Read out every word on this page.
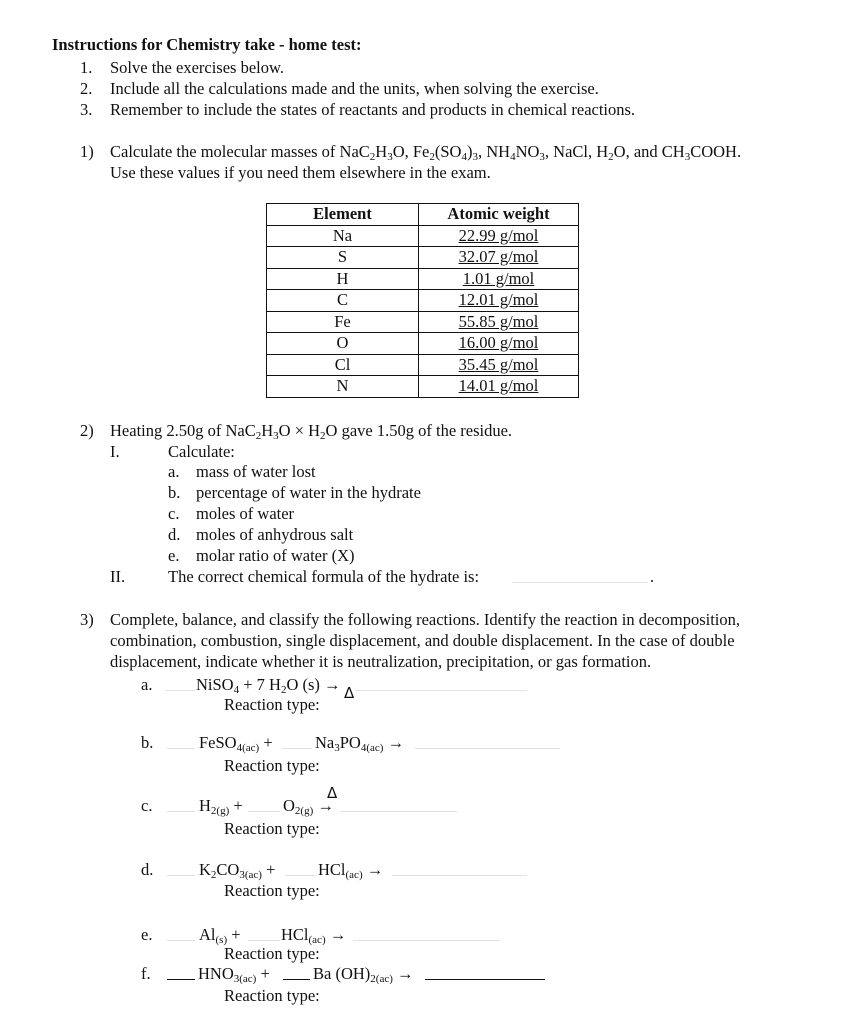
Instructions for Chemistry take - home test:
1. Solve the exercises below.
2. Include all the calculations made and the units, when solving the exercise.
3. Remember to include the states of reactants and products in chemical reactions.
1) Calculate the molecular masses of $NaC_2H_3O$, $Fe_2(SO_4)_3$, $NH_4NO_3$, NaCl, $H_2O$, and $CH_3COOH$.
Use these values if you need them elsewhere in the exam.
Element	Atomic weight
Na	22.99 g/mol
S	32.07 g/mol
H	1.01 g/mol
C	12.01 g/mol
Fe	55.85 g/mol
O	16.00 g/mol
Cl	35.45 g/mol
N	14.01 g/mol
2) Heating 2.50g of $NaC_2H_3O \times H_2O$ gave 1.50g of the residue.
I.	Calculate:
a. mass of water lost
b. percentage of water in the hydrate
c. moles of water
d. moles of anhydrous salt
e. molar ratio of water (X)
II.	The correct chemical formula of the hydrate is:	.
3) Complete, balance, and classify the following reactions. Identify the reaction in decomposition,
combination, combustion, single displacement, and double displacement. In the case of double
displacement, indicate whether it is neutralization, precipitation, or gas formation.
a.	NiSO$_4$ + 7 $H_2O$ (s) →
Reaction type:
Δ
b.	FeSO$_{4(ac)}$ +	$Na_3PO_{4(ac)}$ →
Reaction type:
c.	$H_{2(g)} + O_{2(g)}$ →
Reaction type:
Δ
d.	$K_2CO_{3(ac)}$ +	HCl$_{(ac)}$ →
Reaction type:
e.	$Al_{(s)} + HCl_{(ac)}$ →
Reaction type:
f.	$HNO_{3(ac)}$ +	Ba $(OH)_{2(ac)}$ →
Reaction type:
